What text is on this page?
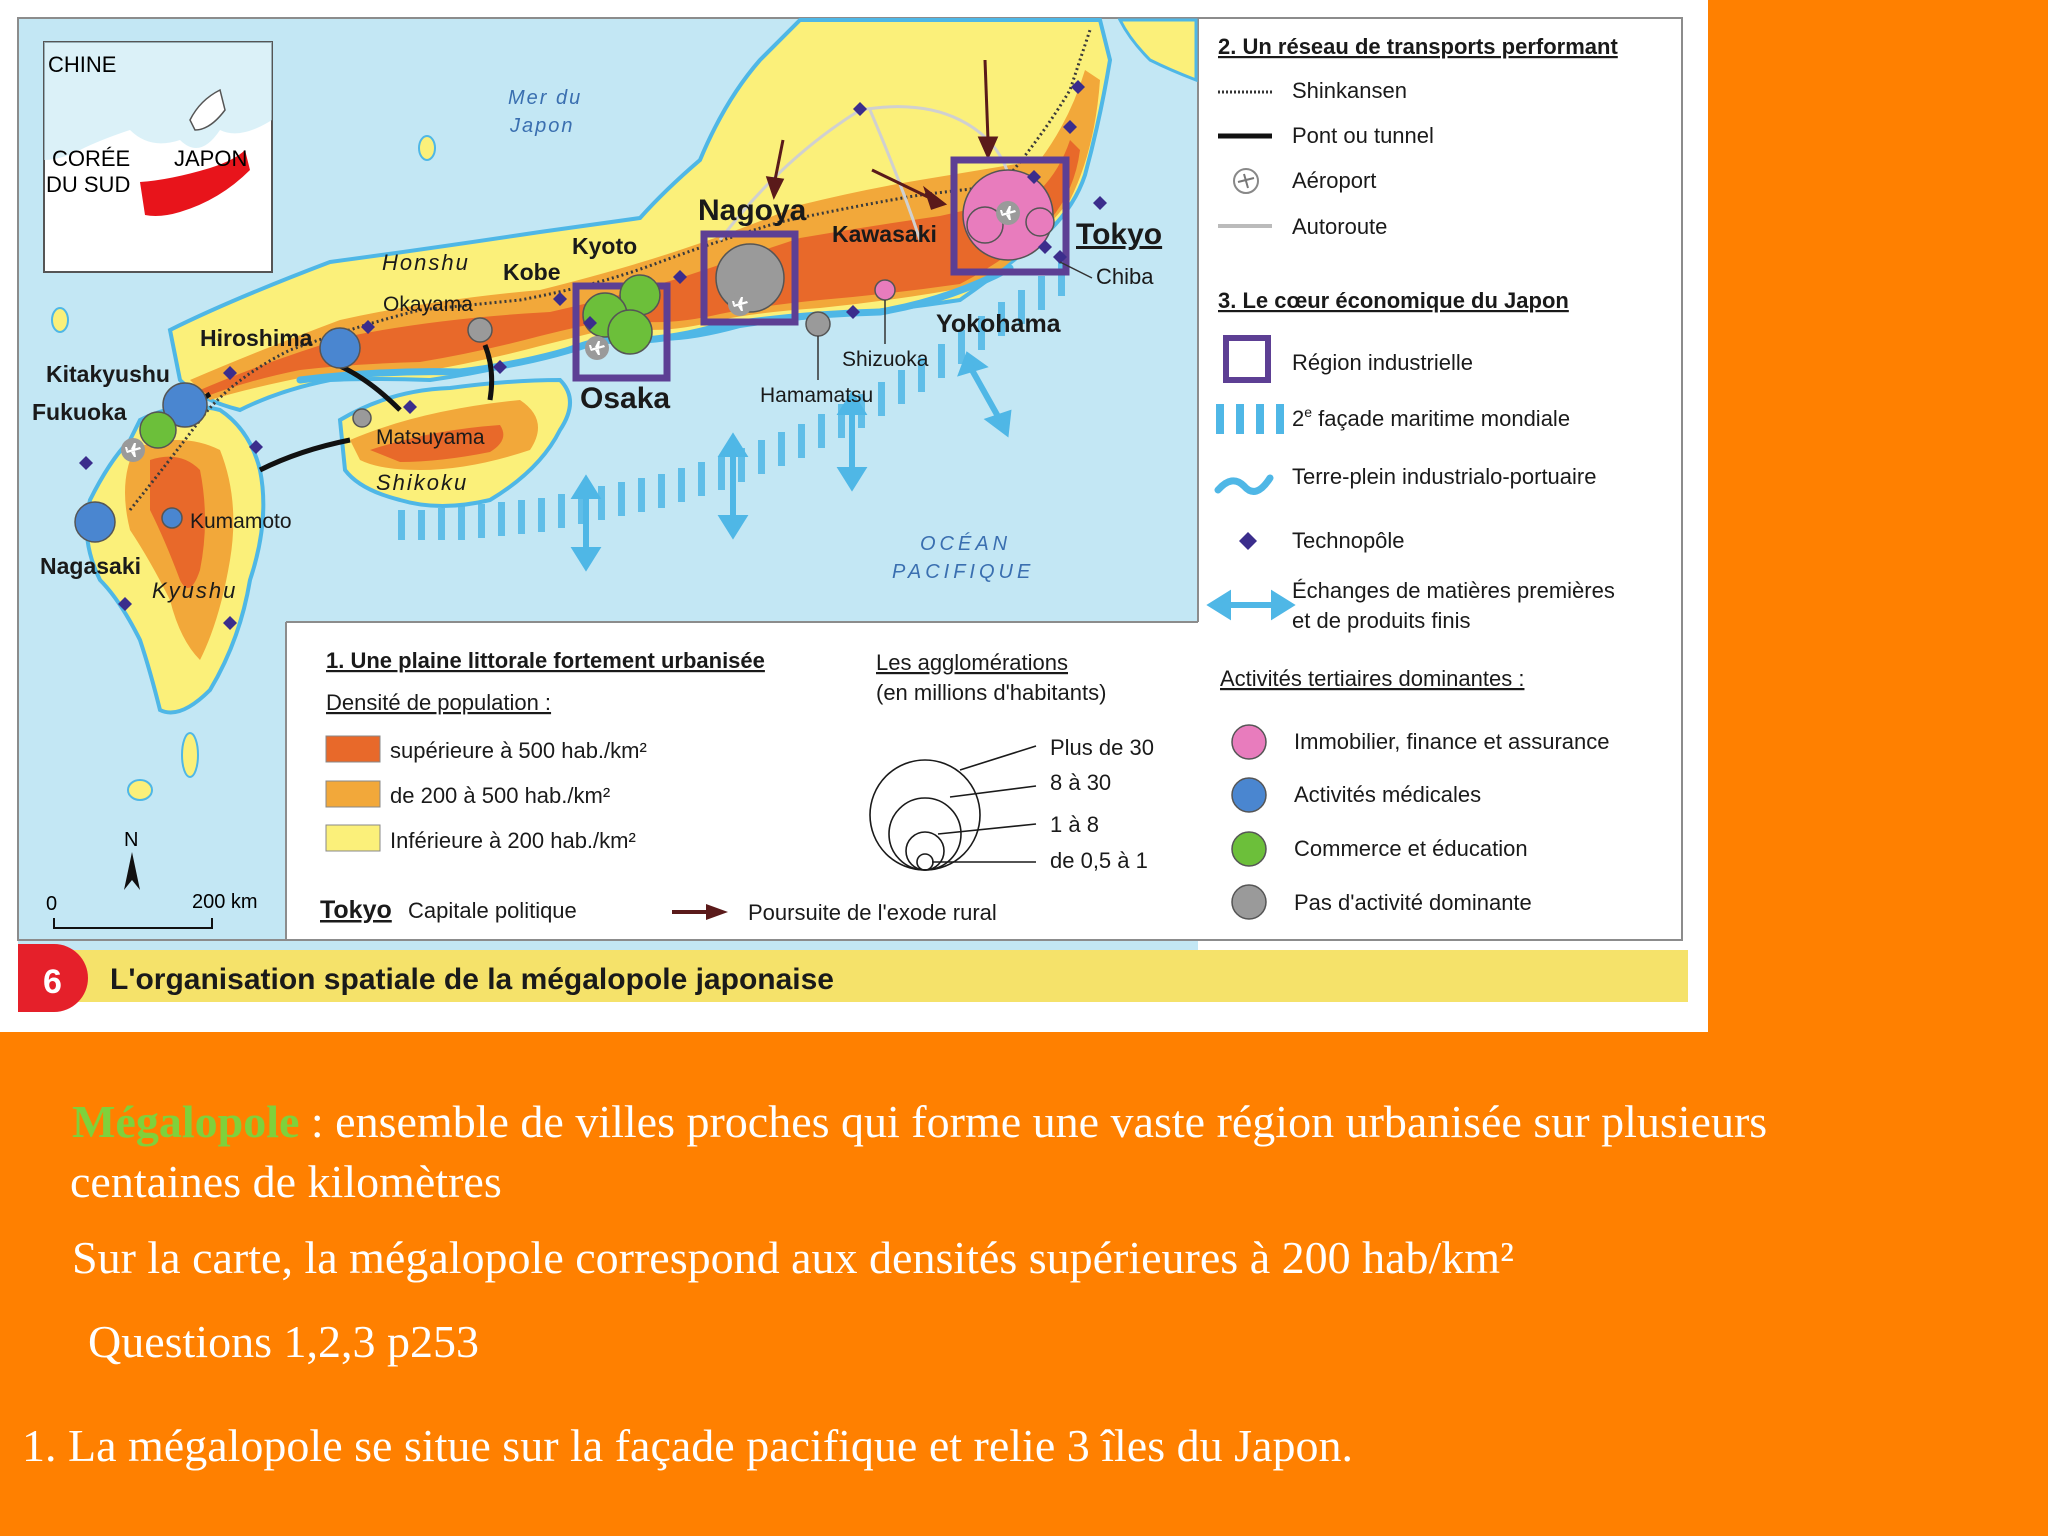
Mer du
Japon
OCÉAN
PACIFIQUE
Honshu
Shikoku
Kyushu
Tokyo
Chiba
Yokohama
Kawasaki
Nagoya
Kyoto
Osaka
Kobe
Okayama
Hiroshima
Kitakyushu
Fukuoka
Nagasaki
Kumamoto
Matsuyama
Shizuoka
Hamamatsu
CHINE
CORÉE
DU SUD
JAPON
N
0	200 km
2. Un réseau de transports performant
Shinkansen
Pont ou tunnel
Aéroport
Autoroute
3. Le cœur économique du Japon
Région industrielle
2e façade maritime mondiale
Terre-plein industrialo-portuaire
Technopôle
Échanges de matières premières
et de produits finis
Activités tertiaires dominantes :
Immobilier, finance et assurance
Activités médicales
Commerce et éducation
Pas d'activité dominante
1. Une plaine littorale fortement urbanisée
Densité de population :
supérieure à 500 hab./km²
de 200 à 500 hab./km²
Inférieure à 200 hab./km²
Les agglomérations
(en millions d'habitants)
Plus de 30
8 à 30
1 à 8
de 0,5 à 1
Tokyo Capitale politique	Poursuite de l'exode rural
6 L'organisation spatiale de la mégalopole japonaise
Mégalopole : ensemble de villes proches qui forme une vaste région urbanisée sur plusieurs
centaines de kilomètres
Sur la carte, la mégalopole correspond aux densités supérieures à 200 hab/km²
Questions 1,2,3 p253
1. La mégalopole se situe sur la façade pacifique et relie 3 îles du Japon.
